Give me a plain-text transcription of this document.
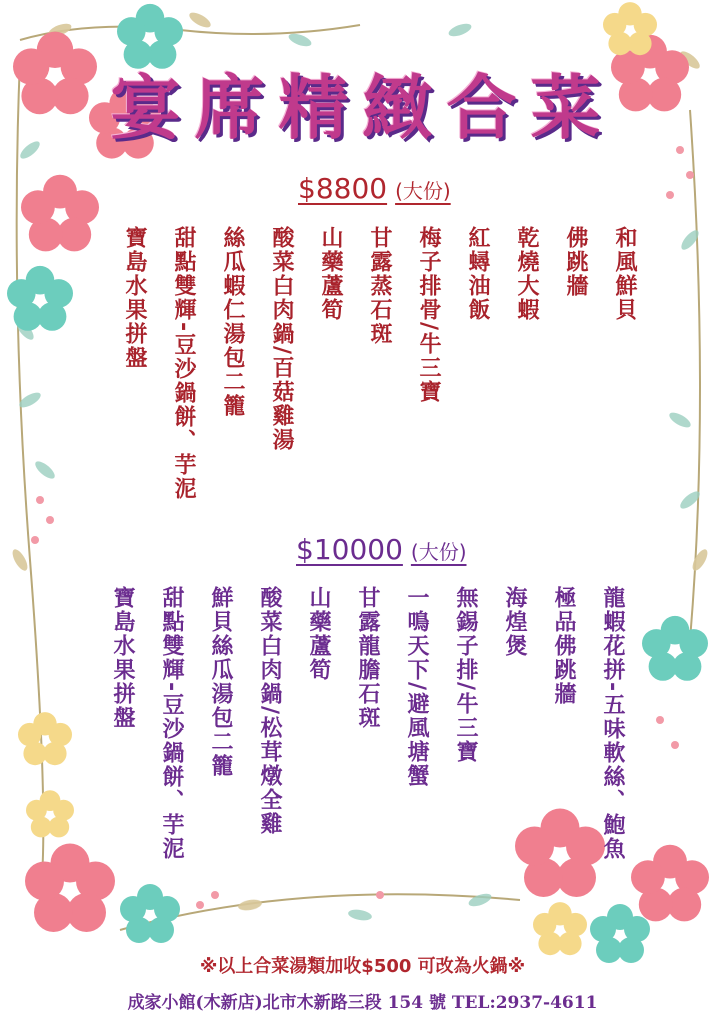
宴席精緻合菜
$8800 (大份)
和風鮮貝
佛跳牆
乾燒大蝦
紅蟳油飯
梅子排骨/牛三寶
甘露蒸石斑
山藥蘆筍
酸菜白肉鍋/百菇雞湯
絲瓜蝦仁湯包二籠
甜點雙輝-豆沙鍋餅、芋泥
寶島水果拼盤
$10000 (大份)
龍蝦花拼-五味軟絲、鮑魚
極品佛跳牆
海煌煲
無錫子排/牛三寶
一鳴天下/避風塘蟹
甘露龍膽石斑
山藥蘆筍
酸菜白肉鍋/松茸燉全雞
鮮貝絲瓜湯包二籠
甜點雙輝-豆沙鍋餅、芋泥
寶島水果拼盤
※以上合菜湯類加收$500 可改為火鍋※
成家小館(木新店)北市木新路三段 154 號 TEL:2937-4611
